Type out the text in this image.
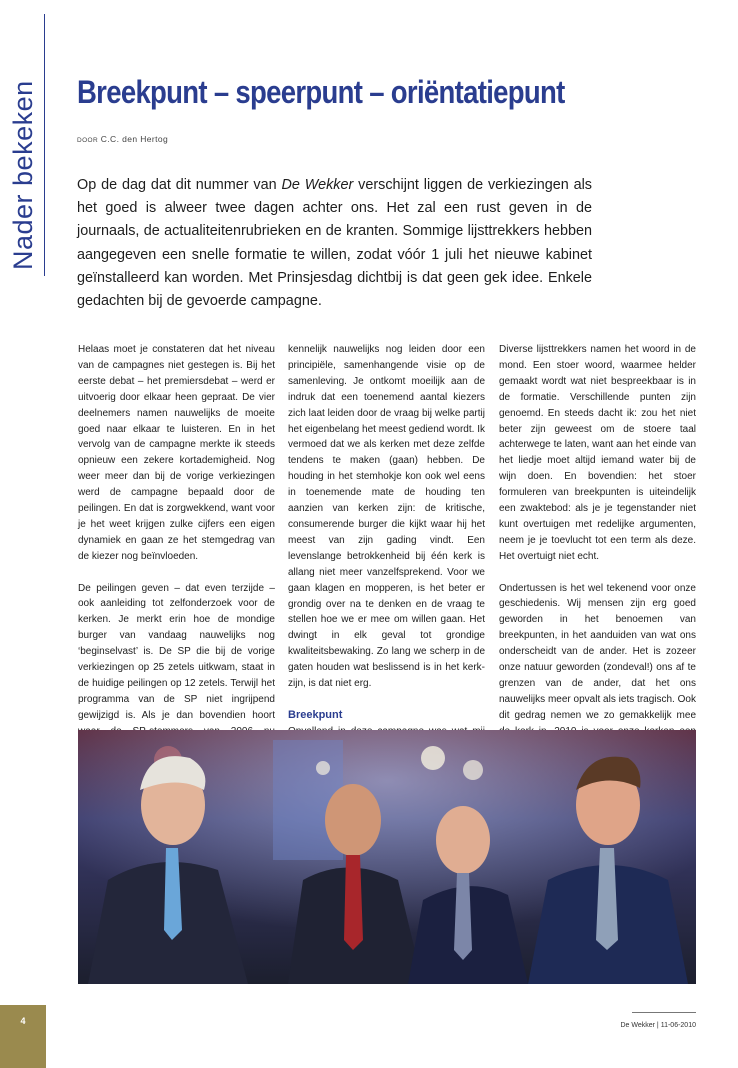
Nader bekeken Breekpunt – speerpunt – oriëntatiepunt
DOOR C.C. den Hertog

Op de dag dat dit nummer van De Wekker verschijnt liggen de verkiezingen als het goed is alweer twee dagen achter ons. Het zal een rust geven in de journaals, de actualiteitenrubrieken en de kranten. Sommige lijsttrekkers hebben aangegeven een snelle formatie te willen, zodat vóór 1 juli het nieuwe kabinet geïnstalleerd kan worden. Met Prinsjesdag dichtbij is dat geen gek idee. Enkele gedachten bij de gevoerde campagne.

Helaas moet je constateren dat het niveau van de campagnes niet gestegen is. Bij het eerste debat – het premiersdebat – werd er uitvoerig door elkaar heen gepraat. De vier deelnemers namen nauwelijks de moeite goed naar elkaar te luisteren. En in het vervolg van de campagne merkte ik steeds opnieuw een zekere kortademigheid. Nog weer meer dan bij de vorige verkiezingen werd de campagne bepaald door de peilingen. En dat is zorgwekkend, want voor je het weet krijgen zulke cijfers een eigen dynamiek en gaan ze het stemgedrag van de kiezer nog beïnvloeden.

De peilingen geven – dat even terzijde – ook aanleiding tot zelfonderzoek voor de kerken. Je merkt erin hoe de mondige burger van vandaag nauwelijks nog ‘beginselvast’ is. De SP die bij de vorige verkiezingen op 25 zetels uitkwam, staat in de huidige peilingen op 12 zetels. Terwijl het programma van de SP niet ingrijpend gewijzigd is. Als je dan bovendien hoort

kennelijk nauwelijks nog leiden door een principiële, samenhangende visie op de samenleving. Je ontkomt moeilijk aan de indruk dat een toenemend aantal kiezers zich laat leiden door de vraag bij welke partij het eigenbelang het meest gediend wordt. Ik vermoed dat we als kerken met deze zelfde tendens te maken (gaan) hebben. De houding in het stemhokje kon ook wel eens in toenemende mate de houding ten aanzien van kerken zijn: de kritische, consumerende burger die kijkt waar hij het meest van zijn gading vindt. Een levenslange betrokkenheid bij één kerk is allang niet meer vanzelfsprekend. Voor we gaan klagen en mopperen, is het beter er grondig over na te denken en de vraag te stellen hoe we er mee om willen gaan. Het dwingt in elk geval tot grondige kwaliteitsbewaking. Zo lang we scherp in de gaten houden wat beslissend is in het kerk-zijn, is dat niet erg.

Breekpunt

Diverse lijsttrekkers namen het woord in de mond. Een stoer woord, waarmee helder gemaakt wordt wat niet bespreekbaar is in de formatie. Verschillende punten zijn genoemd. En steeds dacht ik: zou het niet beter zijn geweest om de stoere taal achterwege te laten, want aan het einde van het liedje moet altijd iemand water bij de wijn doen. En bovendien: het stoer formuleren van breekpunten is uiteindelijk een zwaktebod: als je je tegenstander niet kunt overtuigen met redelijke argumenten, neem je je toevlucht tot een term als deze. Het overtuigt niet echt.

Ondertussen is het wel tekenend voor onze geschiedenis. Wij mensen zijn erg goed geworden in het benoemen van breekpunten, in het aanduiden van wat ons onderscheidt van de ander. Het is zozeer onze natuur geworden (zondeval!) ons af te grenzen van de ander, dat het ons nauwelijks meer opvalt als iets tragisch. Ook dit gedrag nemen we zo gemakkelijk mee

4	De Wekker | 11-06-2010
